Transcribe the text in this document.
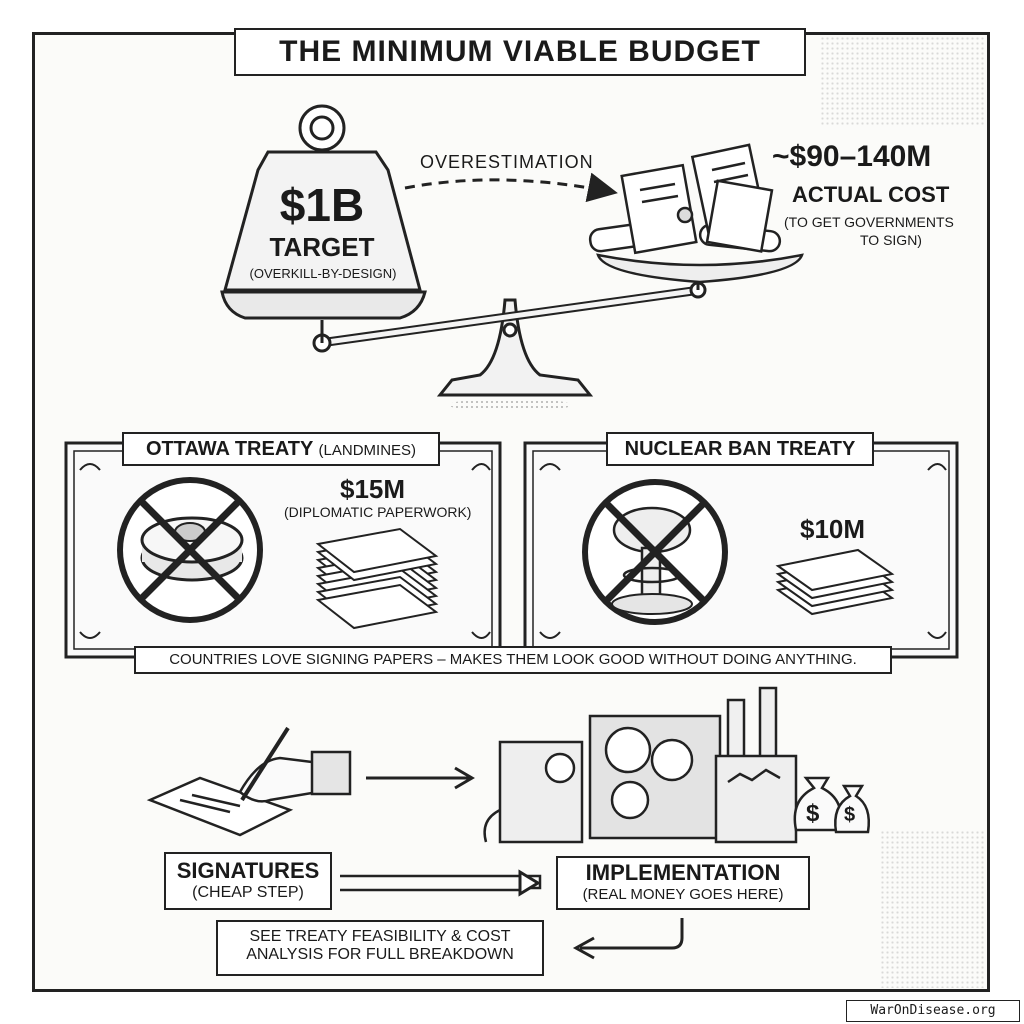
THE MINIMUM VIABLE BUDGET
$1B
TARGET
(OVERKILL-BY-DESIGN)
OVERESTIMATION	~$90–140M
ACTUAL COST
(TO GET GOVERNMENTS
TO SIGN)
OTTAWA TREATY (LANDMINES)
$15M
(DIPLOMATIC PAPERWORK)
NUCLEAR BAN TREATY
$10M
COUNTRIES LOVE SIGNING PAPERS – MAKES THEM LOOK GOOD WITHOUT DOING ANYTHING.
$ $
SIGNATURES
(CHEAP STEP)
IMPLEMENTATION
(REAL MONEY GOES HERE)
SEE TREATY FEASIBILITY & COST
ANALYSIS FOR FULL BREAKDOWN
WarOnDisease.org
